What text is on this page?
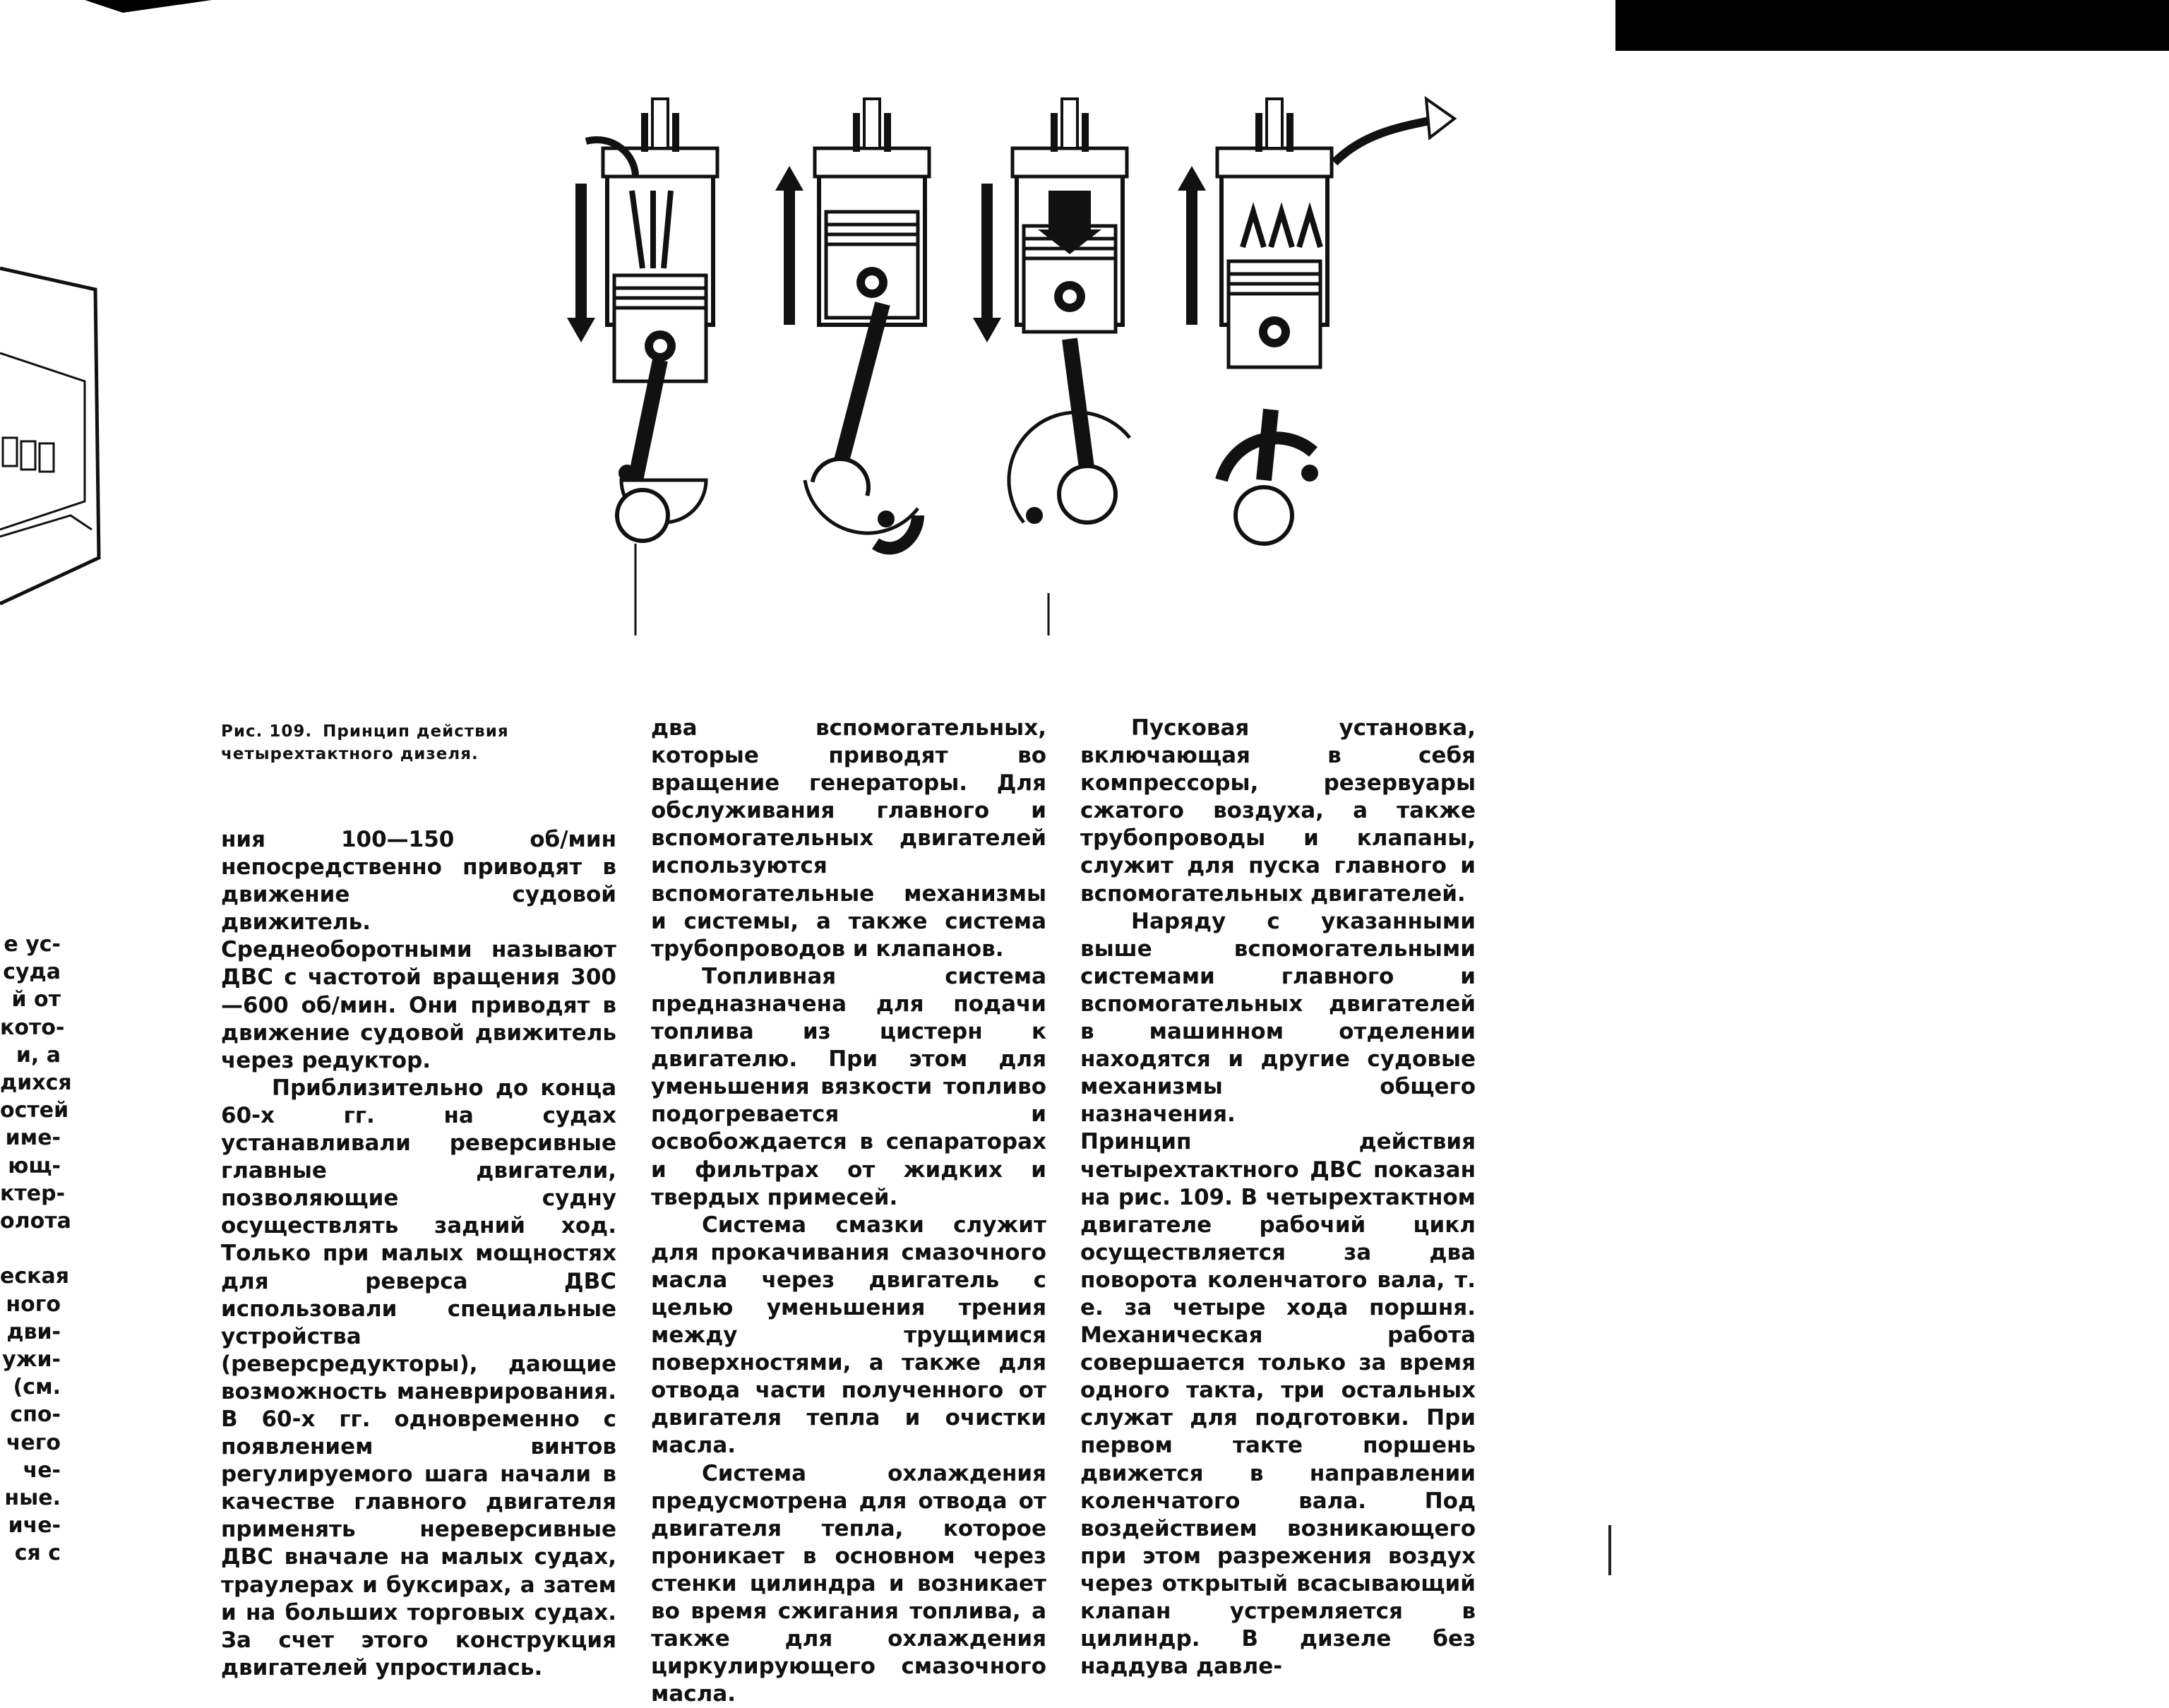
е ус-

суда

й от

кото-

и, а

дихся

остей

име-

ющ-

ктер-

олота

еская

ного

дви-

ужи-

(см.

спо-

чего

че-

ные.

иче-

ся с

Рис. 109. Принцип действия четырехтактного дизеля.

ния 100—150 об/мин непосредственно приводят в движение судовой движитель. Среднеоборотными называют ДВС с частотой вращения 300—600 об/мин. Они приводят в движение судовой движитель через редуктор.

Приблизительно до конца 60-х гг. на судах устанавливали реверсивные главные двигатели, позволяющие судну осуществлять задний ход. Только при малых мощностях для реверса ДВС использовали специальные устройства (реверсредукторы), дающие возможность маневрирования. В 60-х гг. одновременно с появлением винтов регулируемого шага начали в качестве главного двигателя применять нереверсивные ДВС вначале на малых судах, траулерах и буксирах, а затем и на больших торговых судах. За счет этого конструкция двигателей упростилась.

два вспомогательных, которые приводят во вращение генераторы. Для обслуживания главного и вспомогательных двигателей используются вспомогательные механизмы и системы, а также система трубопроводов и клапанов.

Топливная система предназначена для подачи топлива из цистерн к двигателю. При этом для уменьшения вязкости топливо подогревается и освобождается в сепараторах и фильтрах от жидких и твердых примесей.

Система смазки служит для прокачивания смазочного масла через двигатель с целью уменьшения трения между трущимися поверхностями, а также для отвода части полученного от двигателя тепла и очистки масла.

Система охлаждения предусмотрена для отвода от двигателя тепла, которое проникает в основном через стенки цилиндра и возникает во время сжигания топлива, а также для охлаждения циркулирующего смазочного масла.

Пусковая установка, включающая в себя компрессоры, резервуары сжатого воздуха, а также трубопроводы и клапаны, служит для пуска главного и вспомогательных двигателей.

Наряду с указанными выше вспомогательными системами главного и вспомогательных двигателей в машинном отделении находятся и другие судовые механизмы общего назначения.

Принцип действия четырехтактного ДВС показан на рис. 109. В четырехтактном двигателе рабочий цикл осуществляется за два поворота коленчатого вала, т. е. за четыре хода поршня. Механическая работа совершается только за время одного такта, три остальных служат для подготовки. При первом такте поршень движется в направлении коленчатого вала. Под воздействием возникающего при этом разрежения воздух через открытый всасывающий клапан устремляется в цилиндр. В дизеле без наддува давле-
